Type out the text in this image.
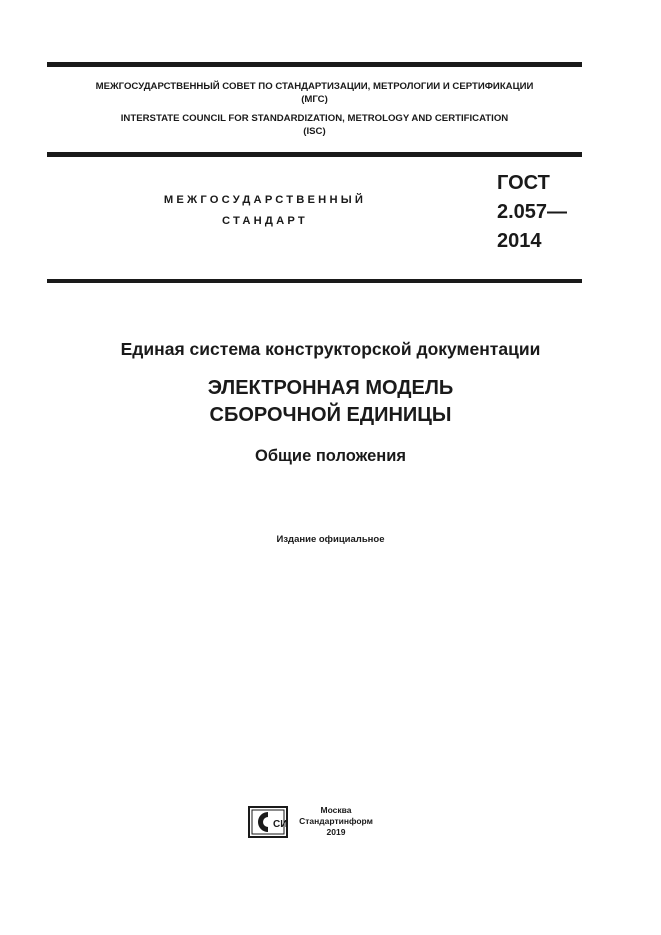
МЕЖГОСУДАРСТВЕННЫЙ СОВЕТ ПО СТАНДАРТИЗАЦИИ, МЕТРОЛОГИИ И СЕРТИФИКАЦИИ
(МГС)
INTERSTATE COUNCIL FOR STANDARDIZATION, METROLOGY AND CERTIFICATION
(ISC)
МЕЖГОСУДАРСТВЕННЫЙ
СТАНДАРТ
ГОСТ
2.057—
2014
Единая система конструкторской документации
ЭЛЕКТРОННАЯ МОДЕЛЬ
СБОРОЧНОЙ ЕДИНИЦЫ
Общие положения
Издание официальное
СИ
Москва
Стандартинформ
2019
